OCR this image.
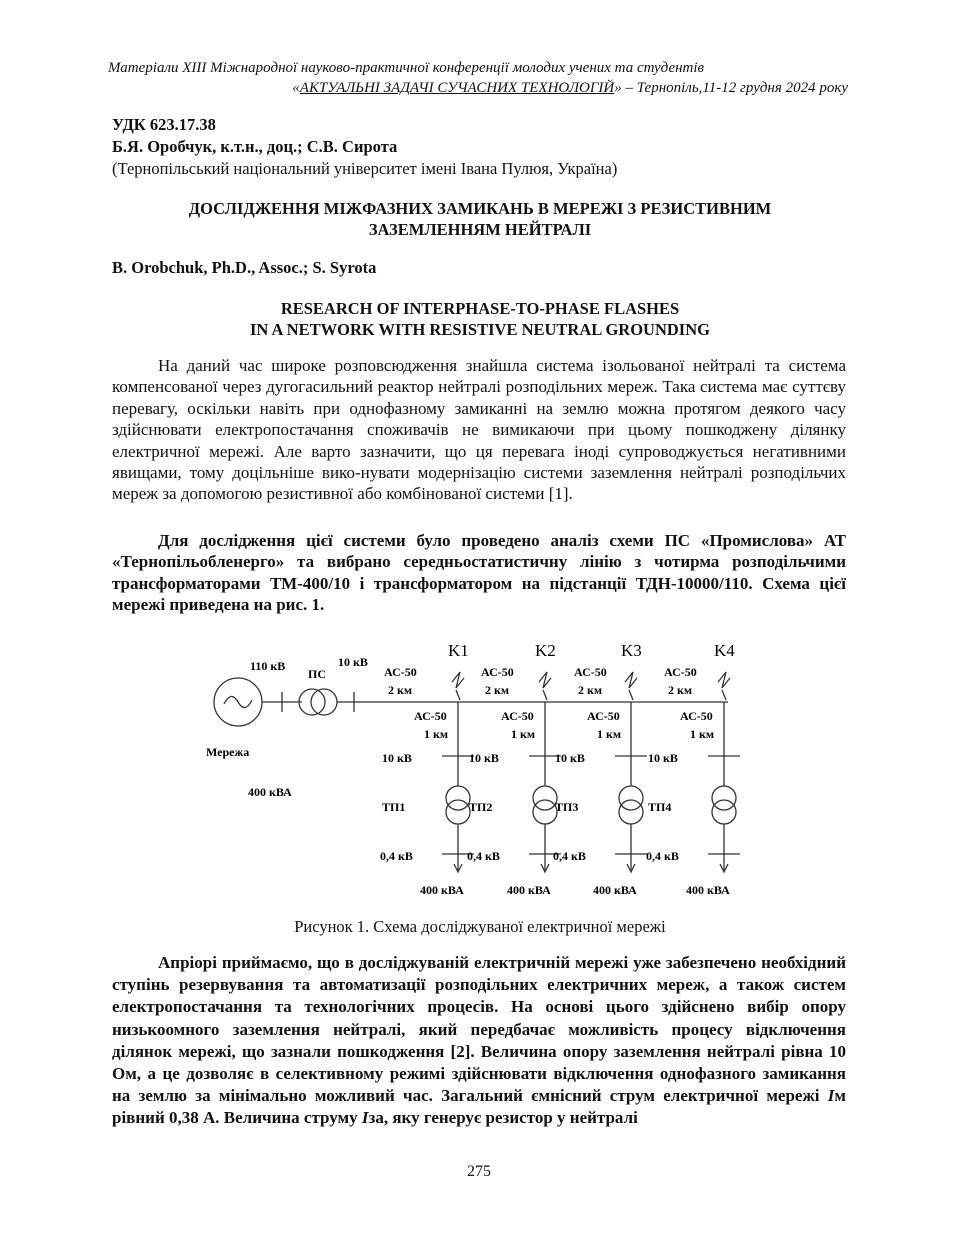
Матеріали XIII Міжнародної науково-практичної конференції молодих учених та студентів
«АКТУАЛЬНІ ЗАДАЧІ СУЧАСНИХ ТЕХНОЛОГІЙ» – Тернопіль,11-12 грудня 2024 року
УДК 623.17.38
Б.Я. Оробчук, к.т.н., доц.; С.В. Сирота
(Тернопільський національний університет імені Івана Пулюя, Україна)
ДОСЛІДЖЕННЯ МІЖФАЗНИХ ЗАМИКАНЬ В МЕРЕЖІ З РЕЗИСТИВНИМ
ЗАЗЕМЛЕННЯМ НЕЙТРАЛІ
B. Orobchuk, Ph.D., Assoc.; S. Syrota
RESEARCH OF INTERPHASE-TO-PHASE FLASHES
IN A NETWORK WITH RESISTIVE NEUTRAL GROUNDING
На даний час широке розповсюдження знайшла система ізольованої нейтралі та система компенсованої через дугогасильний реактор нейтралі розподільних мереж. Така система має суттєву перевагу, оскільки навіть при однофазному замиканні на землю можна протягом деякого часу здійснювати електропостачання споживачів не вимикаючи при цьому пошкоджену ділянку електричної мережі. Але варто зазначити, що ця перевага іноді супроводжується негативними явищами, тому доцільніше вико-нувати модернізацію системи заземлення нейтралі розподільчих мереж за допомогою резистивної або комбінованої системи [1].
Для дослідження цієї системи було проведено аналіз схеми ПС «Промислова» АТ «Тернопільобленерго» та вибрано середньостатистичну лінію з чотирма розподільчими трансформаторами ТМ-400/10 і трансформатором на підстанції ТДН-10000/110. Схема цієї мережі приведена на рис. 1.
110 кВ
ПС
10 кВ
Мережа
400 кВА
АС-50
2 км
K1
АС-50
1 км
10 кВ
ТП1
0,4 кВ
400 кВА
АС-50
2 км
K2
АС-50
1 км
10 кВ
ТП2
0,4 кВ
400 кВА
АС-50
2 км
K3
АС-50
1 км
10 кВ
ТП3
0,4 кВ
400 кВА
АС-50
2 км
K4
АС-50
1 км
10 кВ
ТП4
0,4 кВ
400 кВА
Рисунок 1. Схема досліджуваної електричної мережі
Апріорі приймаємо, що в досліджуваній електричній мережі уже забезпечено необхідний ступінь резервування та автоматизації розподільних електричних мереж, а також систем електропостачання та технологічних процесів. На основі цього здійснено вибір опору низькоомного заземлення нейтралі, який передбачає можливість процесу відключення ділянок мережі, що зазнали пошкодження [2]. Величина опору заземлення нейтралі рівна 10 Ом, а це дозволяє в селективному режимі здійснювати відключення однофазного замикання на землю за мінімально можливий час. Загальний ємнісний струм електричної мережі Iм рівний 0,38 А. Величина струму Iза, яку генерує резистор у нейтралі
275
